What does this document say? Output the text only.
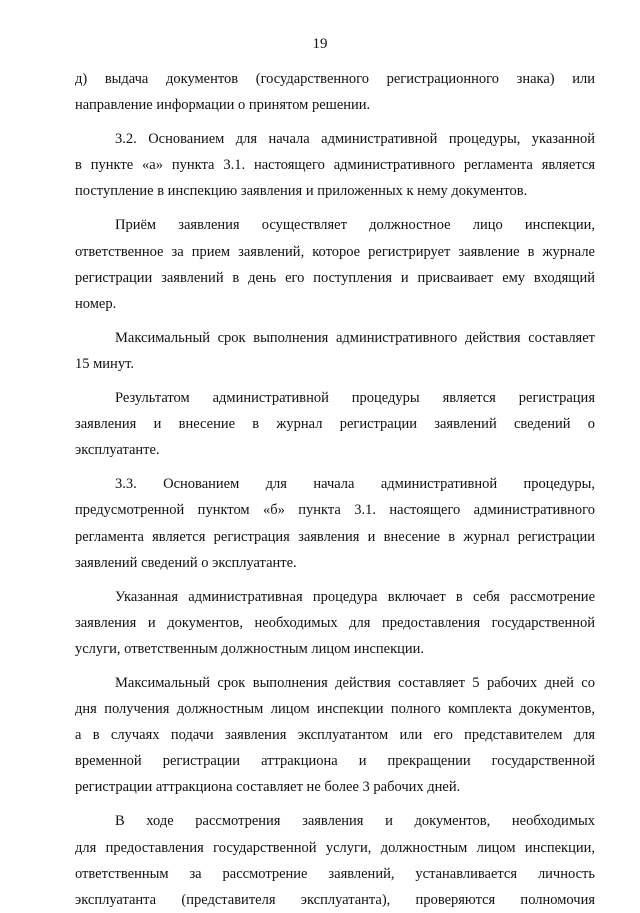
19

д) выдача документов (государственного регистрационного знака) или
направление информации о принятом решении.

3.2. Основанием для начала административной процедуры, указанной
в пункте «а» пункта 3.1. настоящего административного регламента является
поступление в инспекцию заявления и приложенных к нему документов.

Приём заявления осуществляет должностное лицо инспекции,
ответственное за прием заявлений, которое регистрирует заявление в журнале
регистрации заявлений в день его поступления и присваивает ему входящий
номер.

Максимальный срок выполнения административного действия составляет
15 минут.

Результатом административной процедуры является регистрация
заявления и внесение в журнал регистрации заявлений сведений о
эксплуатанте.

3.3. Основанием для начала административной процедуры,
предусмотренной пунктом «б» пункта 3.1. настоящего административного
регламента является регистрация заявления и внесение в журнал регистрации
заявлений сведений о эксплуатанте.

Указанная административная процедура включает в себя рассмотрение
заявления и документов, необходимых для предоставления государственной
услуги, ответственным должностным лицом инспекции.

Максимальный срок выполнения действия составляет 5 рабочих дней со
дня получения должностным лицом инспекции полного комплекта документов,
а в случаях подачи заявления эксплуатантом или его представителем для
временной регистрации аттракциона и прекращении государственной
регистрации аттракциона составляет не более 3 рабочих дней.

В ходе рассмотрения заявления и документов, необходимых
для предоставления государственной услуги, должностным лицом инспекции,
ответственным за рассмотрение заявлений, устанавливается личность
эксплуатанта (представителя эксплуатанта), проверяются полномочия
